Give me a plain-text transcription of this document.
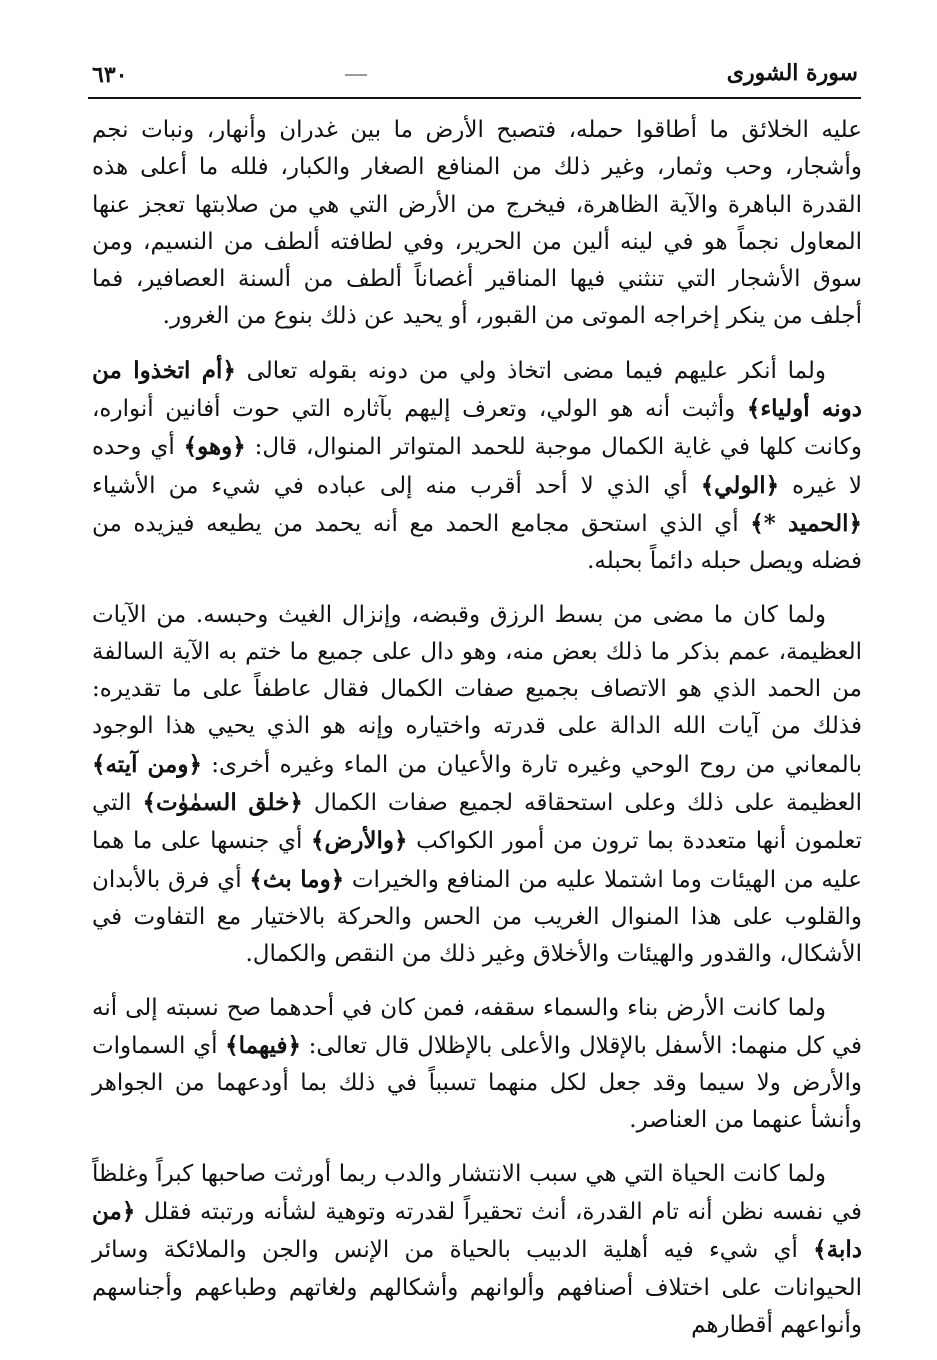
٦٣٠	سورة الشورى

عليه الخلائق ما أطاقوا حمله، فتصبح الأرض ما بين غدران وأنهار، ونبات نجم وأشجار، وحب وثمار، وغير ذلك من المنافع الصغار والكبار، فلله ما أعلى هذه القدرة الباهرة والآية الظاهرة، فيخرج من الأرض التي هي من صلابتها تعجز عنها المعاول نجماً هو في لينه ألين من الحرير، وفي لطافته ألطف من النسيم، ومن سوق الأشجار التي تنثني فيها المناقير أغصاناً ألطف من ألسنة العصافير، فما أجلف من ينكر إخراجه الموتى من القبور، أو يحيد عن ذلك بنوع من الغرور.

ولما أنكر عليهم فيما مضى اتخاذ ولي من دونه بقوله تعالى ﴿أم اتخذوا من دونه أولياء﴾ وأثبت أنه هو الولي، وتعرف إليهم بآثاره التي حوت أفانين أنواره، وكانت كلها في غاية الكمال موجبة للحمد المتواتر المنوال، قال: ﴿وهو﴾ أي وحده لا غيره ﴿الولي﴾ أي الذي لا أحد أقرب منه إلى عباده في شيء من الأشياء ﴿الحميد *﴾ أي الذي استحق مجامع الحمد مع أنه يحمد من يطيعه فيزيده من فضله ويصل حبله دائماً بحبله.

ولما كان ما مضى من بسط الرزق وقبضه، وإنزال الغيث وحبسه. من الآيات العظيمة، عمم بذكر ما ذلك بعض منه، وهو دال على جميع ما ختم به الآية السالفة من الحمد الذي هو الاتصاف بجميع صفات الكمال فقال عاطفاً على ما تقديره: فذلك من آيات الله الدالة على قدرته واختياره وإنه هو الذي يحيي هذا الوجود بالمعاني من روح الوحي وغيره تارة والأعيان من الماء وغيره أخرى: ﴿ومن آيته﴾ العظيمة على ذلك وعلى استحقاقه لجميع صفات الكمال ﴿خلق السمٰوٰت﴾ التي تعلمون أنها متعددة بما ترون من أمور الكواكب ﴿والأرض﴾ أي جنسها على ما هما عليه من الهيئات وما اشتملا عليه من المنافع والخيرات ﴿وما بث﴾ أي فرق بالأبدان والقلوب على هذا المنوال الغريب من الحس والحركة بالاختيار مع التفاوت في الأشكال، والقدور والهيئات والأخلاق وغير ذلك من النقص والكمال.

ولما كانت الأرض بناء والسماء سقفه، فمن كان في أحدهما صح نسبته إلى أنه في كل منهما: الأسفل بالإقلال والأعلى بالإظلال قال تعالى: ﴿فيهما﴾ أي السماوات والأرض ولا سيما وقد جعل لكل منهما تسبباً في ذلك بما أودعهما من الجواهر وأنشأ عنهما من العناصر.

ولما كانت الحياة التي هي سبب الانتشار والدب ربما أورثت صاحبها كبراً وغلظاً في نفسه نظن أنه تام القدرة، أنث تحقيراً لقدرته وتوهية لشأنه ورتبته فقلل ﴿من دابة﴾ أي شيء فيه أهلية الدبيب بالحياة من الإنس والجن والملائكة وسائر الحيوانات على اختلاف أصنافهم وألوانهم وأشكالهم ولغاتهم وطباعهم وأجناسهم وأنواعهم أقطارهم
